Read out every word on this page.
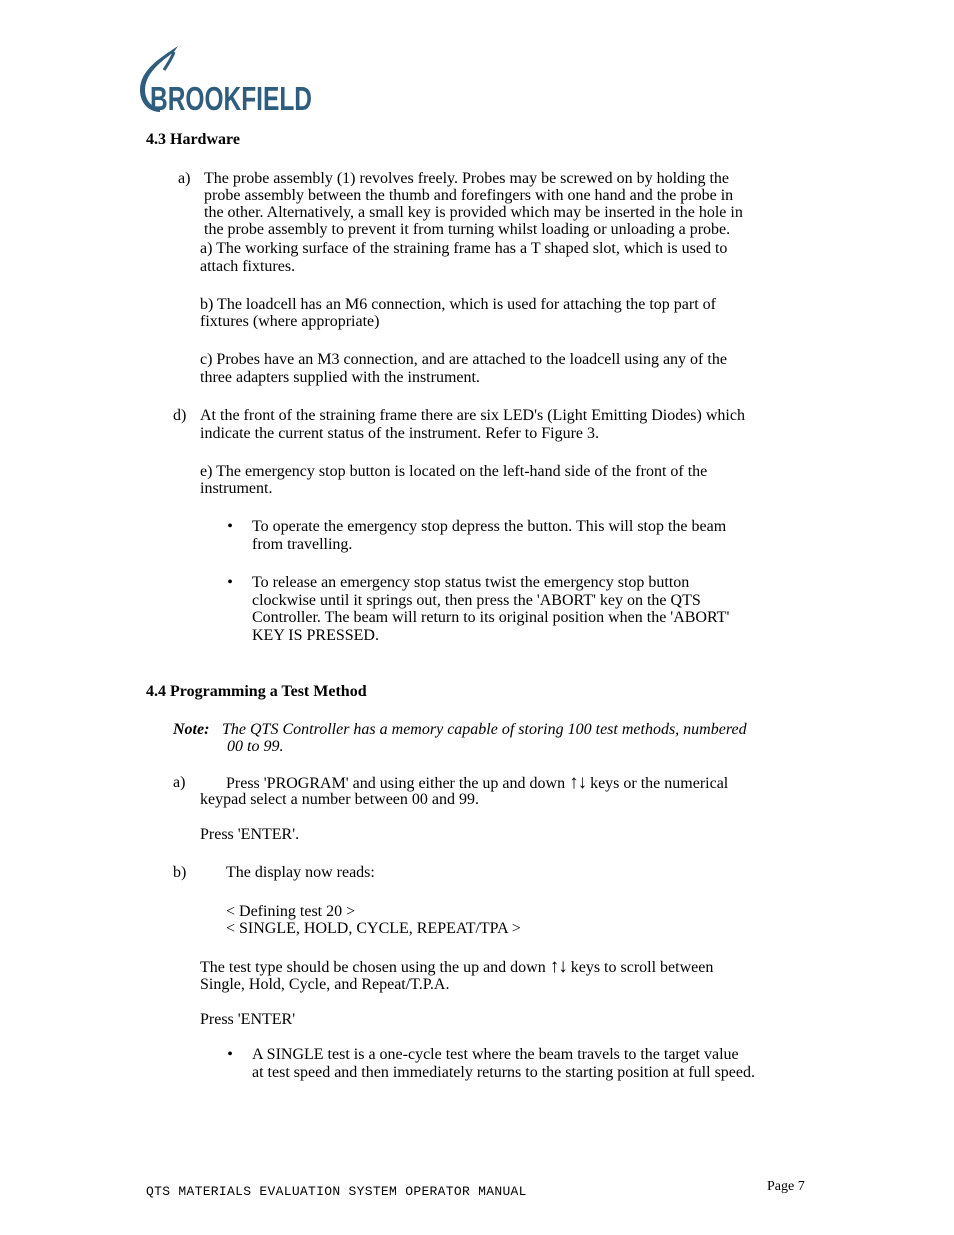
BROOKFIELD
4.3 Hardware
a) The probe assembly (1) revolves freely. Probes may be screwed on by holding the
probe assembly between the thumb and forefingers with one hand and the probe in
the other. Alternatively, a small key is provided which may be inserted in the hole in
the probe assembly to prevent it from turning whilst loading or unloading a probe.
a) The working surface of the straining frame has a T shaped slot, which is used to
attach fixtures.
b) The loadcell has an M6 connection, which is used for attaching the top part of
fixtures (where appropriate)
c) Probes have an M3 connection, and are attached to the loadcell using any of the
three adapters supplied with the instrument.
d) At the front of the straining frame there are six LED's (Light Emitting Diodes) which
indicate the current status of the instrument. Refer to Figure 3.
e) The emergency stop button is located on the left-hand side of the front of the
instrument.
• To operate the emergency stop depress the button. This will stop the beam
from travelling.
• To release an emergency stop status twist the emergency stop button
clockwise until it springs out, then press the 'ABORT' key on the QTS
Controller. The beam will return to its original position when the 'ABORT'
KEY IS PRESSED.
4.4 Programming a Test Method
Note: The QTS Controller has a memory capable of storing 100 test methods, numbered
00 to 99.
a)	Press 'PROGRAM' and using either the up and down ↑↓ keys or the numerical
keypad select a number between 00 and 99.
Press 'ENTER'.
b) The display now reads:
< Defining test 20 >
< SINGLE, HOLD, CYCLE, REPEAT/TPA >
The test type should be chosen using the up and down ↑↓ keys to scroll between
Single, Hold, Cycle, and Repeat/T.P.A.
Press 'ENTER'
• A SINGLE test is a one-cycle test where the beam travels to the target value
at test speed and then immediately returns to the starting position at full speed.
QTS MATERIALS EVALUATION SYSTEM OPERATOR MANUAL	Page 7
